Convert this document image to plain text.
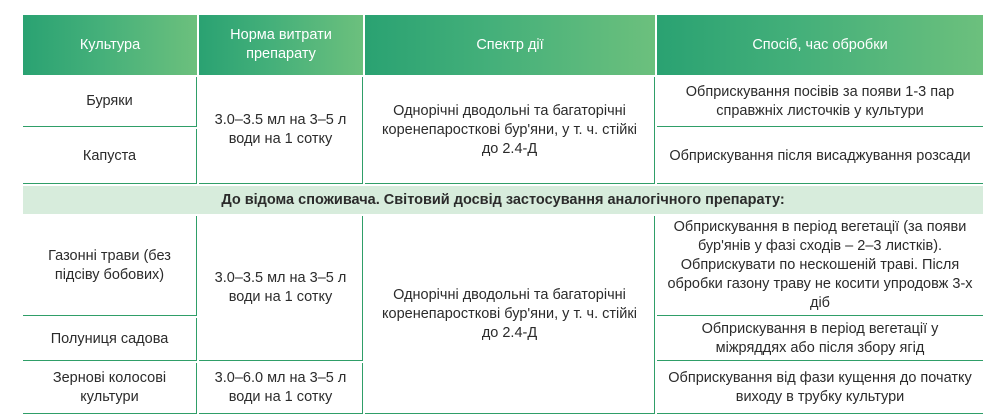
Культура	Норма витрати препарату	Спектр дії	Спосіб, час обробки
Буряки	3.0–3.5 мл на 3–5 л води на 1 сотку	Однорічні дводольні та багаторічні коренепаросткові бур'яни, у т. ч. стійкі до 2.4-Д	Обприскування посівів за появи 1-3 пар справжніх листочків у культури
Капуста			Обприскування після висаджування розсади
До відома споживача. Світовий досвід застосування аналогічного препарату:			
Газонні трави (без підсіву бобових)	3.0–3.5 мл на 3–5 л води на 1 сотку	Однорічні дводольні та багаторічні коренепаросткові бур'яни, у т. ч. стійкі до 2.4-Д	Обприскування в період вегетації (за появи бур'янів у фазі сходів – 2–3 листків). Обприскувати по нескошеній траві. Після обробки газону траву не косити упродовж 3-х діб
Полуниця садова			Обприскування в період вегетації у міжряддях або після збору ягід
Зернові колосові культури	3.0–6.0 мл на 3–5 л води на 1 сотку		Обприскування від фази кущення до початку виходу в трубку культури
